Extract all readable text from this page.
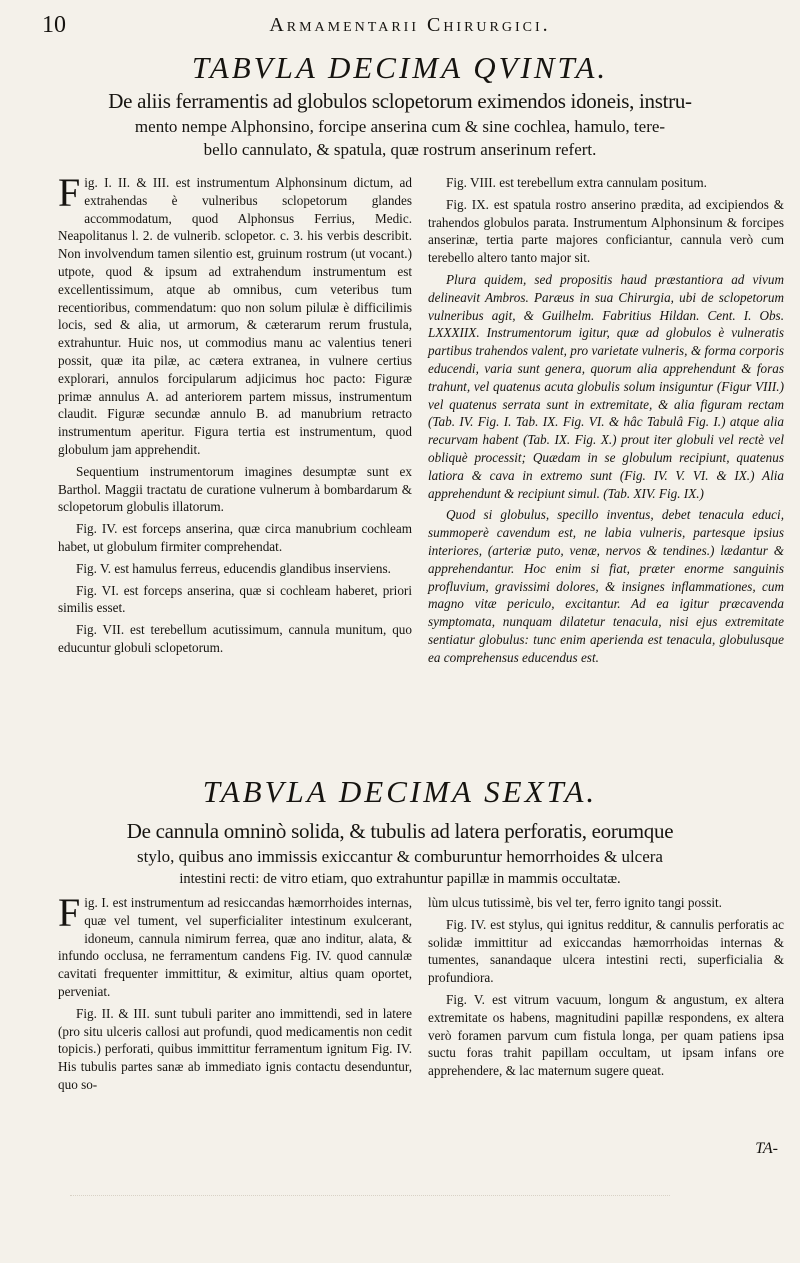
10	Armamentarii Chirurgici.
TABVLA DECIMA QVINTA.
De aliis ferramentis ad globulos sclopetorum eximendos idoneis, instru-
mento nempe Alphonsino, forcipe anserina cum & sine cochlea, hamulo, tere-
bello cannulato, & spatula, quæ rostrum anserinum refert.

Fig. I. II. & III. est instrumentum Alphonsinum dictum, ad extrahendas è vulneribus sclopetorum glandes accommodatum, quod Alphonsus Ferrius, Medic. Neapolitanus l. 2. de vulnerib. sclopetor. c. 3. his verbis describit. Non involvendum tamen silentio est, gruinum rostrum (ut vocant.) utpote, quod & ipsum ad extrahendum instrumentum est excellentissimum, atque ab omnibus, cum veteribus tum recentioribus, commendatum: quo non solum pilulæ è difficilimis locis, sed & alia, ut armorum, & cæterarum rerum frustula, extrahuntur. Huic nos, ut commodius manu ac valentius teneri possit, quæ ita pilæ, ac cætera extranea, in vulnere certius explorari, annulos forcipularum adjicimus hoc pacto: Figuræ primæ annulus A. ad anteriorem partem missus, instrumentum claudit. Figuræ secundæ annulo B. ad manubrium retracto instrumentum aperitur. Figura tertia est instrumentum, quod globulum jam apprehendit.

Sequentium instrumentorum imagines desumptæ sunt ex Barthol. Maggii tractatu de curatione vulnerum à bombardarum & sclopetorum globulis illatorum.

Fig. IV. est forceps anserina, quæ circa manubrium cochleam habet, ut globulum firmiter comprehendat.

Fig. V. est hamulus ferreus, educendis glandibus inserviens.

Fig. VI. est forceps anserina, quæ si cochleam haberet, priori similis esset.

Fig. VII. est terebellum acutissimum, cannula munitum, quo educuntur globuli sclopetorum.

Fig. VIII. est terebellum extra cannulam positum.

Fig. IX. est spatula rostro anserino prædita, ad excipiendos & trahendos globulos parata. Instrumentum Alphonsinum & forcipes anserinæ, tertia parte majores conficiantur, cannula verò cum terebello altero tanto major sit.

Plura quidem, sed propositis haud præstantiora ad vivum delineavit Ambros. Paræus in sua Chirurgia, ubi de sclopetorum vulneribus agit, & Guilhelm. Fabritius Hildan. Cent. I. Obs. LXXXIIX. Instrumentorum igitur, quæ ad globulos è vulneratis partibus trahendos valent, pro varietate vulneris, & forma corporis educendi, varia sunt genera, quorum alia apprehendunt & foras trahunt, vel quatenus acuta globulis solum insiguntur (Figur VIII.) vel quatenus serrata sunt in extremitate, & alia figuram rectam (Tab. IV. Fig. I. Tab. IX. Fig. VI. & hâc Tabulâ Fig. I.) atque alia recurvam habent (Tab. IX. Fig. X.) prout iter globuli vel rectè vel obliquè processit; Quædam in se globulum recipiunt, quatenus latiora & cava in extremo sunt (Fig. IV. V. VI. & IX.) Alia apprehendunt & recipiunt simul. (Tab. XIV. Fig. IX.)

Quod si globulus, specillo inventus, debet tenacula educi, summoperè cavendum est, ne labia vulneris, partesque ipsius interiores, (arteriæ puto, venæ, nervos & tendines.) lædantur & apprehendantur. Hoc enim si fiat, præter enorme sanguinis profluvium, gravissimi dolores, & insignes inflammationes, cum magno vitæ periculo, excitantur. Ad ea igitur præcavenda symptomata, nunquam dilatetur tenacula, nisi ejus extremitate sentiatur globulus: tunc enim aperienda est tenacula, globulusque ea comprehensus educendus est.

TABVLA DECIMA SEXTA.
De cannula omninò solida, & tubulis ad latera perforatis, eorumque
stylo, quibus ano immissis exiccantur & comburuntur hemorrhoides & ulcera
intestini recti: de vitro etiam, quo extrahuntur papillæ in mammis occultatæ.

Fig. I. est instrumentum ad resiccandas hæmorrhoides internas, quæ vel tument, vel superficialiter intestinum exulcerant, idoneum, cannula nimirum ferrea, quæ ano inditur, alata, & infundo occlusa, ne ferramentum candens Fig. IV. quod cannulæ cavitati frequenter immittitur, & eximitur, altius quam oportet, perveniat.

Fig. II. & III. sunt tubuli pariter ano immittendi, sed in latere (pro situ ulceris callosi aut profundi, quod medicamentis non cedit topicis.) perforati, quibus immittitur ferramentum ignitum Fig. IV. His tubulis partes sanæ ab immediato ignis contactu desenduntur, quo so-

lùm ulcus tutissimè, bis vel ter, ferro ignito tangi possit.

Fig. IV. est stylus, qui ignitus redditur, & cannulis perforatis ac solidæ immittitur ad exiccandas hæmorrhoidas internas & tumentes, sanandaque ulcera intestini recti, superficialia & profundiora.

Fig. V. est vitrum vacuum, longum & angustum, ex altera extremitate os habens, magnitudini papillæ respondens, ex altera verò foramen parvum cum fistula longa, per quam patiens ipsa suctu foras trahit papillam occultam, ut ipsam infans ore apprehendere, & lac maternum sugere queat.

TA-
